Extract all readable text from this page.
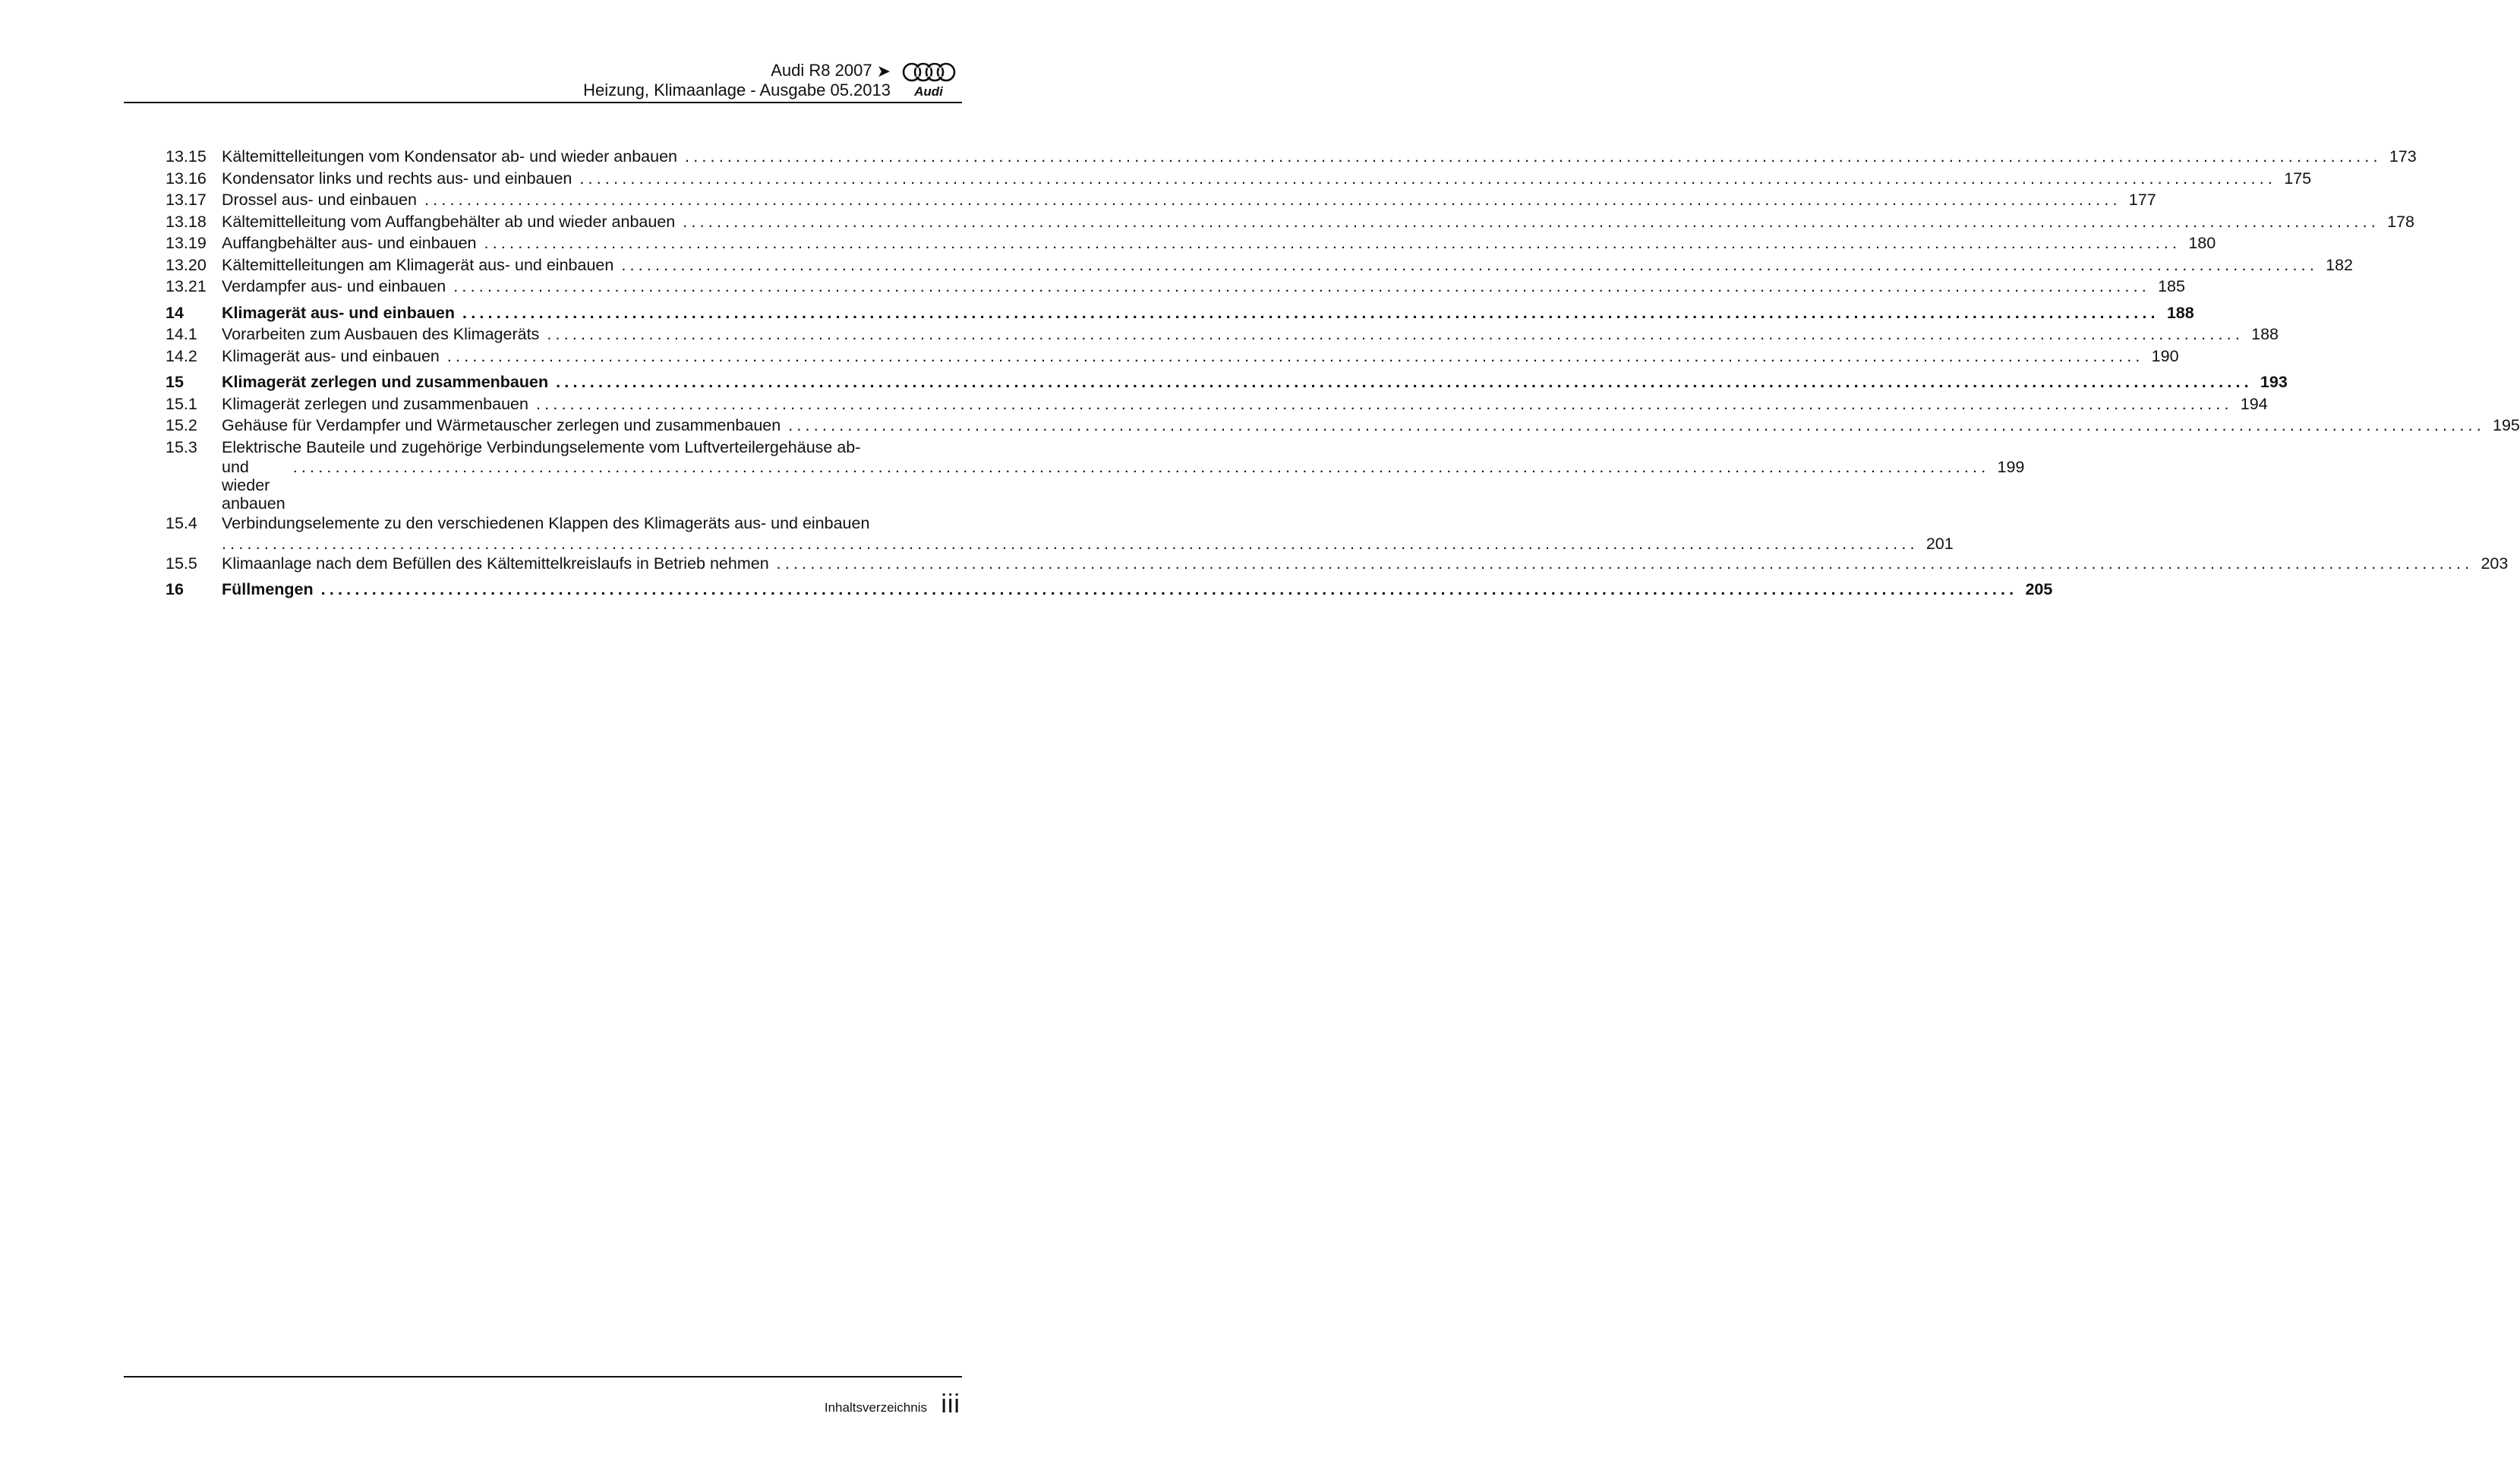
Audi R8 2007 ➤
Heizung, Klimaanlage - Ausgabe 05.2013 Audi
13.15 Kältemittelleitungen vom Kondensator ab- und wieder anbauen ........................................................................................................................................................................................................ 173
13.16 Kondensator links und rechts aus- und einbauen ........................................................................................................................................................................................................ 175
13.17 Drossel aus- und einbauen ........................................................................................................................................................................................................ 177
13.18 Kältemittelleitung vom Auffangbehälter ab und wieder anbauen ........................................................................................................................................................................................................ 178
13.19 Auffangbehälter aus- und einbauen ........................................................................................................................................................................................................ 180
13.20 Kältemittelleitungen am Klimagerät aus- und einbauen ........................................................................................................................................................................................................ 182
13.21 Verdampfer aus- und einbauen ........................................................................................................................................................................................................ 185
14	Klimagerät aus- und einbauen ........................................................................................................................................................................................................ 188
14.1	Vorarbeiten zum Ausbauen des Klimageräts ........................................................................................................................................................................................................ 188
14.2	Klimagerät aus- und einbauen ........................................................................................................................................................................................................ 190
15	Klimagerät zerlegen und zusammenbauen ........................................................................................................................................................................................................ 193
15.1	Klimagerät zerlegen und zusammenbauen ........................................................................................................................................................................................................ 194
15.2	Gehäuse für Verdampfer und Wärmetauscher zerlegen und zusammenbauen ........................................................................................................................................................................................................ 195
15.3	Elektrische Bauteile und zugehörige Verbindungselemente vom Luftverteilergehäuse ab-
und wieder anbauen
........................................................................................................................................................................................................ 199
15.4	Verbindungselemente zu den verschiedenen Klappen des Klimageräts aus- und einbauen
........................................................................................................................................................................................................ 201
15.5	Klimaanlage nach dem Befüllen des Kältemittelkreislaufs in Betrieb nehmen ........................................................................................................................................................................................................ 203
16	Füllmengen ........................................................................................................................................................................................................ 205
Inhaltsverzeichnis iii
